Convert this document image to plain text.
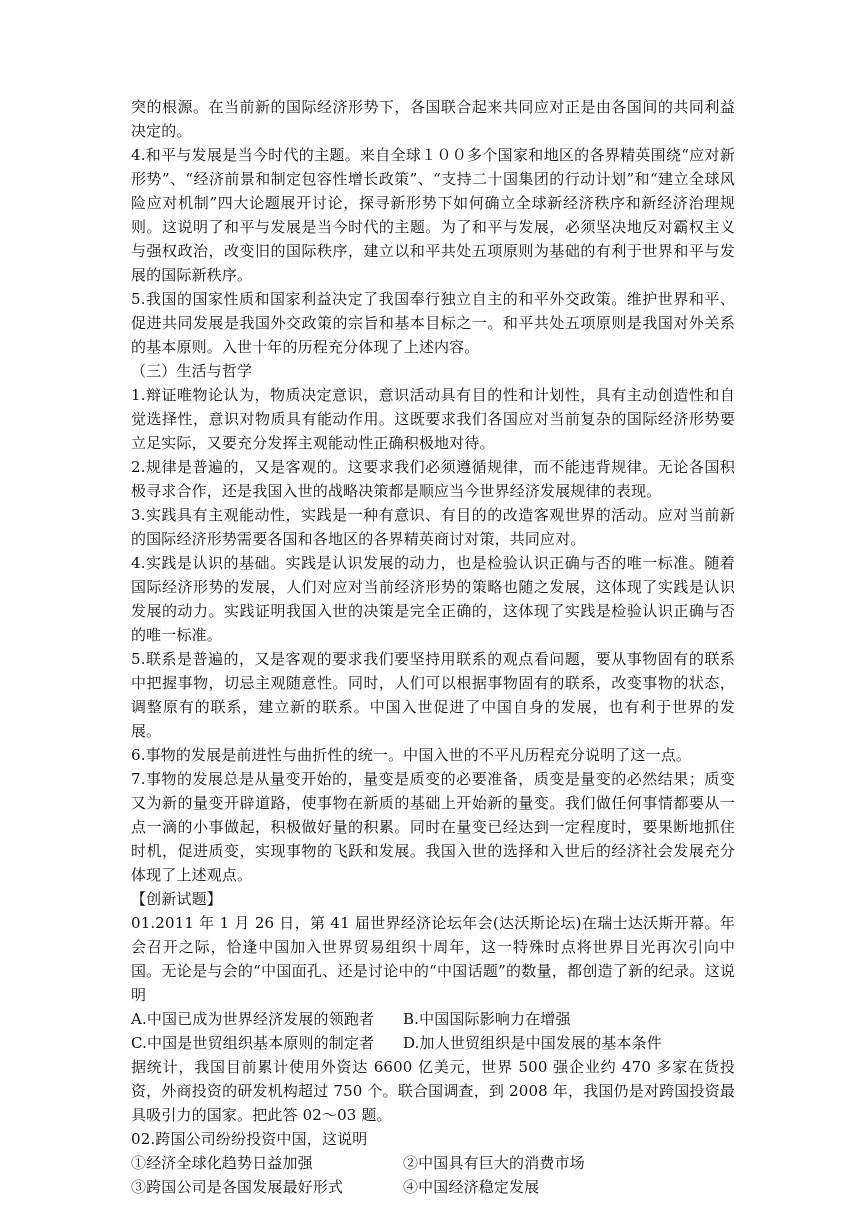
突的根源。在当前新的国际经济形势下，各国联合起来共同应对正是由各国间的共同利益决定的。

4.和平与发展是当今时代的主题。来自全球１００多个国家和地区的各界精英围绕“应对新形势”、“经济前景和制定包容性增长政策”、“支持二十国集团的行动计划”和“建立全球风险应对机制”四大论题展开讨论，探寻新形势下如何确立全球新经济秩序和新经济治理规则。这说明了和平与发展是当今时代的主题。为了和平与发展，必须坚决地反对霸权主义与强权政治，改变旧的国际秩序，建立以和平共处五项原则为基础的有利于世界和平与发展的国际新秩序。

5.我国的国家性质和国家利益决定了我国奉行独立自主的和平外交政策。维护世界和平、促进共同发展是我国外交政策的宗旨和基本目标之一。和平共处五项原则是我国对外关系的基本原则。入世十年的历程充分体现了上述内容。

（三）生活与哲学

1.辩证唯物论认为，物质决定意识，意识活动具有目的性和计划性，具有主动创造性和自觉选择性，意识对物质具有能动作用。这既要求我们各国应对当前复杂的国际经济形势要立足实际，又要充分发挥主观能动性正确积极地对待。

2.规律是普遍的，又是客观的。这要求我们必须遵循规律，而不能违背规律。无论各国积极寻求合作，还是我国入世的战略决策都是顺应当今世界经济发展规律的表现。

3.实践具有主观能动性，实践是一种有意识、有目的的改造客观世界的活动。应对当前新的国际经济形势需要各国和各地区的各界精英商讨对策，共同应对。

4.实践是认识的基础。实践是认识发展的动力，也是检验认识正确与否的唯一标准。随着国际经济形势的发展，人们对应对当前经济形势的策略也随之发展，这体现了实践是认识发展的动力。实践证明我国入世的决策是完全正确的，这体现了实践是检验认识正确与否的唯一标准。

5.联系是普遍的，又是客观的要求我们要坚持用联系的观点看问题，要从事物固有的联系中把握事物，切忌主观随意性。同时，人们可以根据事物固有的联系，改变事物的状态，调整原有的联系，建立新的联系。中国入世促进了中国自身的发展，也有利于世界的发展。

6.事物的发展是前进性与曲折性的统一。中国入世的不平凡历程充分说明了这一点。

7.事物的发展总是从量变开始的，量变是质变的必要准备，质变是量变的必然结果；质变又为新的量变开辟道路，使事物在新质的基础上开始新的量变。我们做任何事情都要从一点一滴的小事做起，积极做好量的积累。同时在量变已经达到一定程度时，要果断地抓住时机，促进质变，实现事物的飞跃和发展。我国入世的选择和入世后的经济社会发展充分体现了上述观点。

【创新试题】

01.2011 年 1 月 26 日，第 41 届世界经济论坛年会(达沃斯论坛)在瑞士达沃斯开幕。年会召开之际，恰逢中国加入世界贸易组织十周年，这一特殊时点将世界目光再次引向中国。无论是与会的“中国面孔、还是讨论中的“中国话题”的数量，都创造了新的纪录。这说明

A.中国已成为世界经济发展的领跑者	B.中国国际影响力在增强
C.中国是世贸组织基本原则的制定者	D.加人世贸组织是中国发展的基本条件

据统计，我国目前累计使用外资达 6600 亿美元，世界 500 强企业约 470 多家在货投资，外商投资的研发机构超过 750 个。联合国调查，到 2008 年，我国仍是对跨国投资最具吸引力的国家。把此答 02～03 题。

02.跨国公司纷纷投资中国，这说明

①经济全球化趋势日益加强	②中国具有巨大的消费市场
③跨国公司是各国发展最好形式	④中国经济稳定发展
